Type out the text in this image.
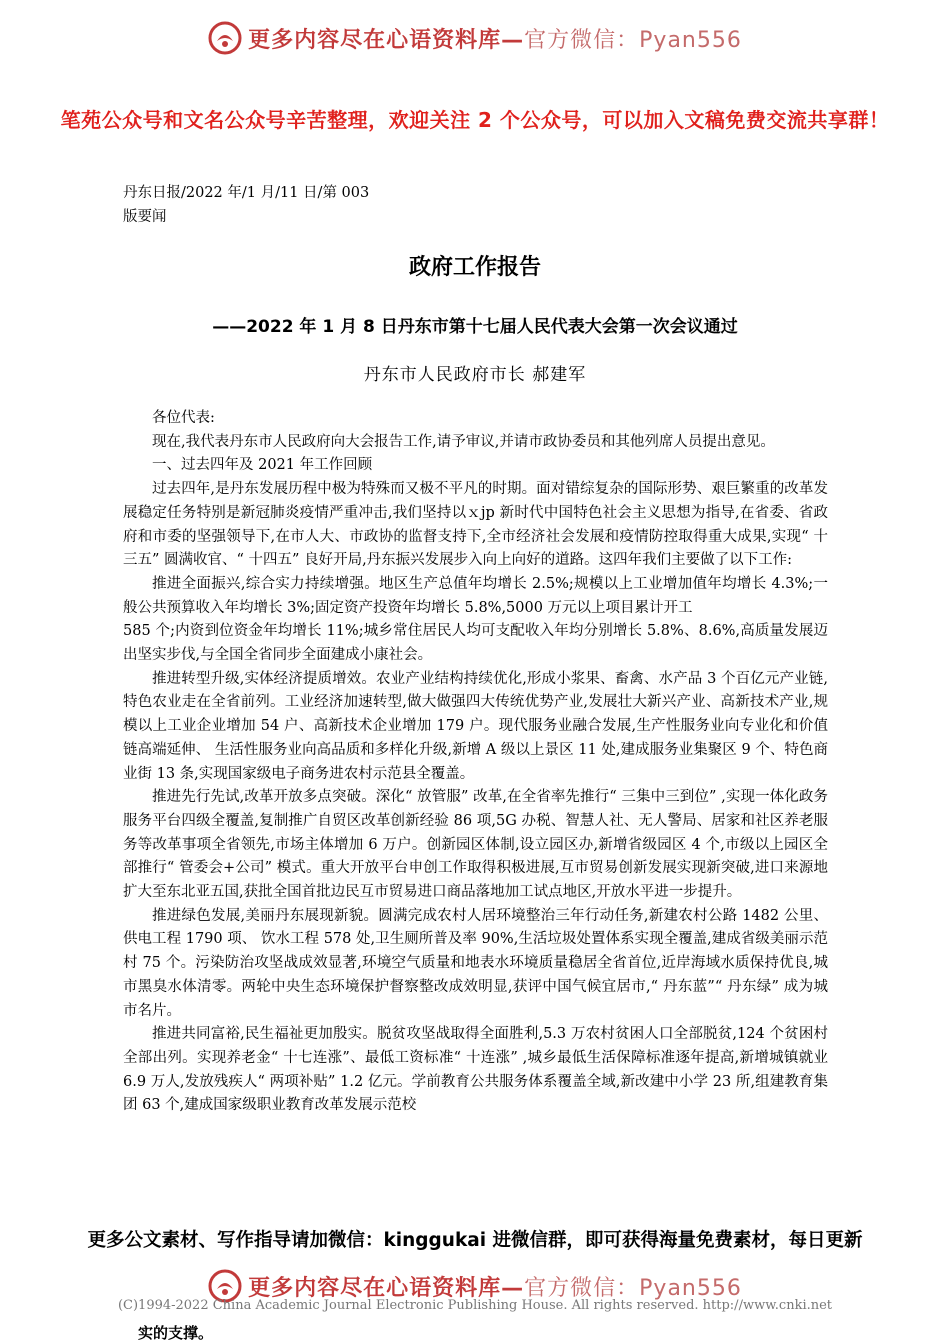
更多内容尽在心语资料库—官方微信：Pyan556
笔苑公众号和文名公众号辛苦整理，欢迎关注 2 个公众号，可以加入文稿免费交流共享群！
丹东日报/2022 年/1 月/11 日/第 003
版要闻
政府工作报告
——2022 年 1 月 8 日丹东市第十七届人民代表大会第一次会议通过
丹东市人民政府市长 郝建军

各位代表:

现在,我代表丹东市人民政府向大会报告工作,请予审议,并请市政协委员和其他列席人员提出意见。

一、过去四年及 2021 年工作回顾

过去四年,是丹东发展历程中极为特殊而又极不平凡的时期。面对错综复杂的国际形势、艰巨繁重的改革发展稳定任务特别是新冠肺炎疫情严重冲击,我们坚持以ｘjp 新时代中国特色社会主义思想为指导,在省委、省政府和市委的坚强领导下,在市人大、市政协的监督支持下,全市经济社会发展和疫情防控取得重大成果,实现“ 十三五” 圆满收官、“ 十四五” 良好开局,丹东振兴发展步入向上向好的道路。这四年我们主要做了以下工作:

推进全面振兴,综合实力持续增强。地区生产总值年均增长 2.5%;规模以上工业增加值年均增长 4.3%;一般公共预算收入年均增长 3%;固定资产投资年均增长 5.8%,5000 万元以上项目累计开工

585 个;内资到位资金年均增长 11%;城乡常住居民人均可支配收入年均分别增长 5.8%、8.6%,高质量发展迈出坚实步伐,与全国全省同步全面建成小康社会。

推进转型升级,实体经济提质增效。农业产业结构持续优化,形成小浆果、畜禽、水产品 3 个百亿元产业链,特色农业走在全省前列。工业经济加速转型,做大做强四大传统优势产业,发展壮大新兴产业、高新技术产业,规模以上工业企业增加 54 户、高新技术企业增加 179 户。现代服务业融合发展,生产性服务业向专业化和价值链高端延伸、 生活性服务业向高品质和多样化升级,新增 A 级以上景区 11 处,建成服务业集聚区 9 个、特色商业街 13 条,实现国家级电子商务进农村示范县全覆盖。

推进先行先试,改革开放多点突破。深化“ 放管服” 改革,在全省率先推行“ 三集中三到位” ,实现一体化政务服务平台四级全覆盖,复制推广自贸区改革创新经验 86 项,5G 办税、智慧人社、无人警局、居家和社区养老服务等改革事项全省领先,市场主体增加 6 万户。创新园区体制,设立园区办,新增省级园区 4 个,市级以上园区全部推行“ 管委会+公司” 模式。重大开放平台申创工作取得积极进展,互市贸易创新发展实现新突破,进口来源地扩大至东北亚五国,获批全国首批边民互市贸易进口商品落地加工试点地区,开放水平进一步提升。

推进绿色发展,美丽丹东展现新貌。圆满完成农村人居环境整治三年行动任务,新建农村公路 1482 公里、 供电工程 1790 项、 饮水工程 578 处,卫生厕所普及率 90%,生活垃圾处置体系实现全覆盖,建成省级美丽示范村 75 个。污染防治攻坚战成效显著,环境空气质量和地表水环境质量稳居全省首位,近岸海域水质保持优良,城市黑臭水体清零。两轮中央生态环境保护督察整改成效明显,获评中国气候宜居市,“ 丹东蓝”“ 丹东绿” 成为城市名片。

推进共同富裕,民生福祉更加殷实。脱贫攻坚战取得全面胜利,5.3 万农村贫困人口全部脱贫,124 个贫困村全部出列。实现养老金“ 十七连涨”、最低工资标准“ 十连涨” ,城乡最低生活保障标准逐年提高,新增城镇就业 6.9 万人,发放残疾人“ 两项补贴” 1.2 亿元。学前教育公共服务体系覆盖全域,新改建中小学 23 所,组建教育集团 63 个,建成国家级职业教育改革发展示范校

更多公文素材、写作指导请加微信：kinggukai 进微信群，即可获得海量免费素材，每日更新
更多内容尽在心语资料库—官方微信：Pyan556
(C)1994-2022 China Academic Journal Electronic Publishing House. All rights reserved. http://www.cnki.net
实的支撑。
